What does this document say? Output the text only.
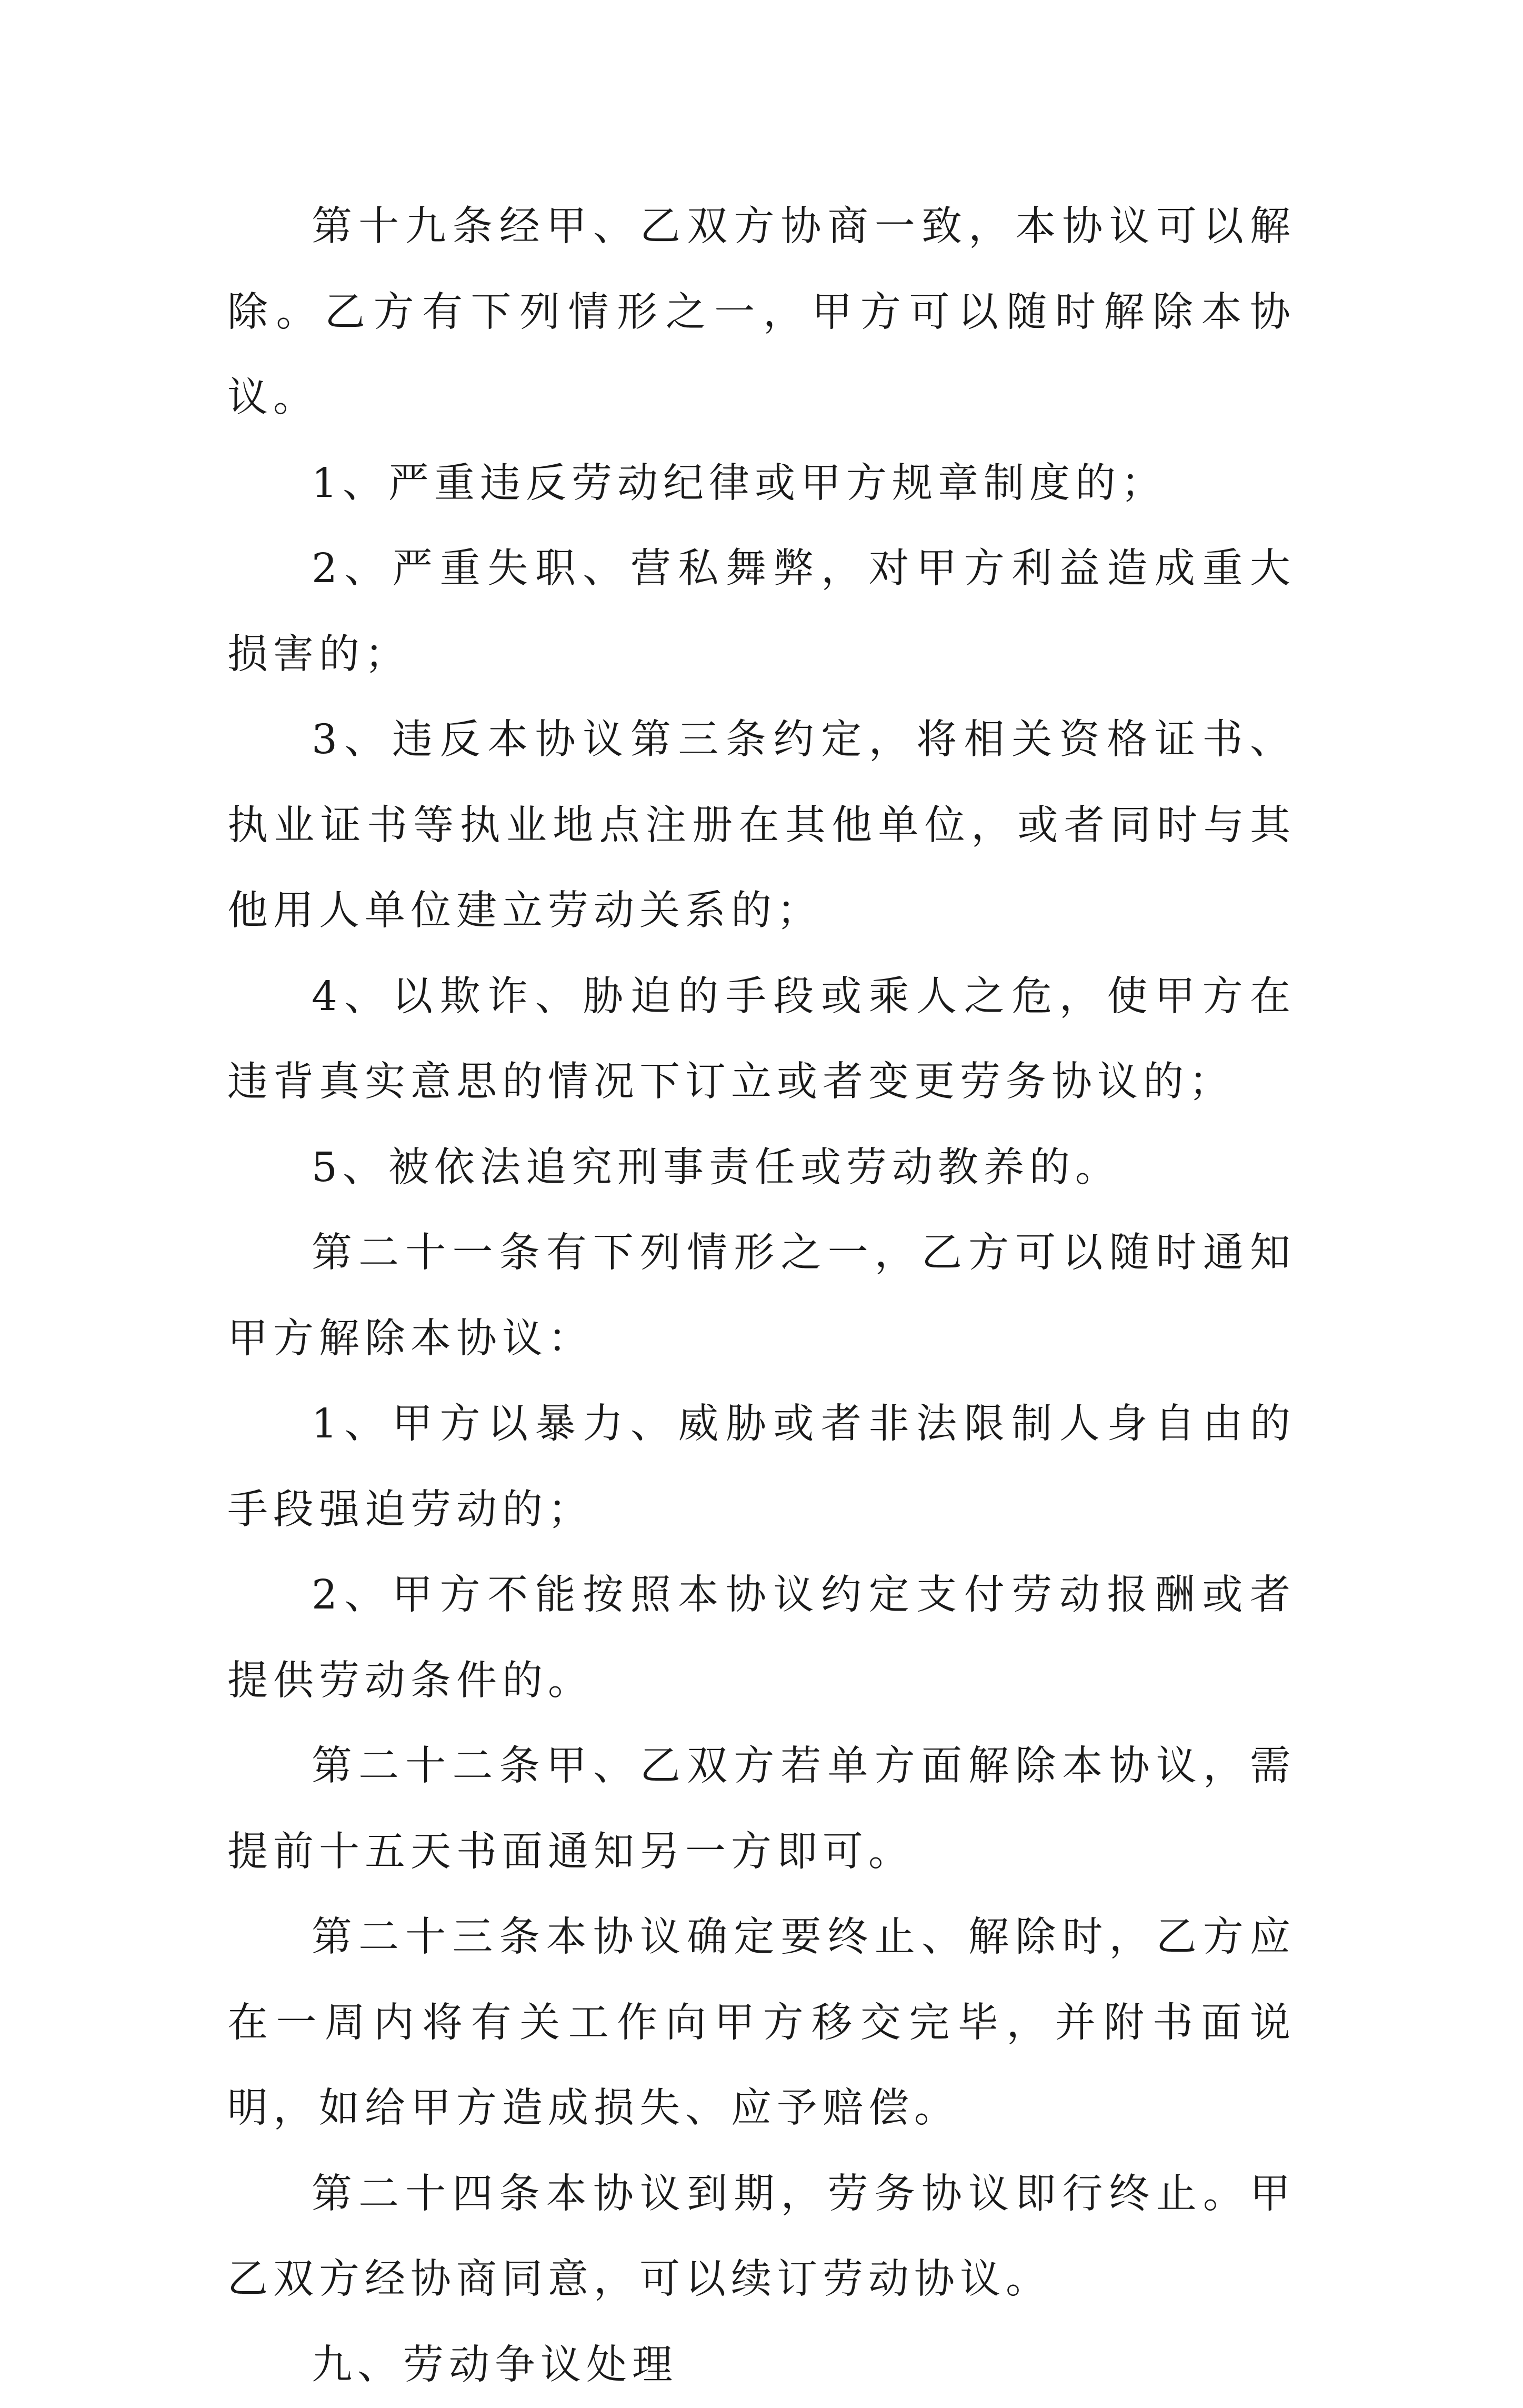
第十九条经甲、乙双方协商一致，本协议可以解除。乙方有下列情形之一，甲方可以随时解除本协议。

1、严重违反劳动纪律或甲方规章制度的；

2、严重失职、营私舞弊，对甲方利益造成重大损害的；

3、违反本协议第三条约定，将相关资格证书、执业证书等执业地点注册在其他单位，或者同时与其他用人单位建立劳动关系的；

4、以欺诈、胁迫的手段或乘人之危，使甲方在违背真实意思的情况下订立或者变更劳务协议的；

5、被依法追究刑事责任或劳动教养的。

第二十一条有下列情形之一，乙方可以随时通知甲方解除本协议：

1、甲方以暴力、威胁或者非法限制人身自由的手段强迫劳动的；

2、甲方不能按照本协议约定支付劳动报酬或者提供劳动条件的。

第二十二条甲、乙双方若单方面解除本协议，需提前十五天书面通知另一方即可。

第二十三条本协议确定要终止、解除时，乙方应在一周内将有关工作向甲方移交完毕，并附书面说明，如给甲方造成损失、应予赔偿。

第二十四条本协议到期，劳务协议即行终止。甲乙双方经协商同意，可以续订劳动协议。

九、劳动争议处理
